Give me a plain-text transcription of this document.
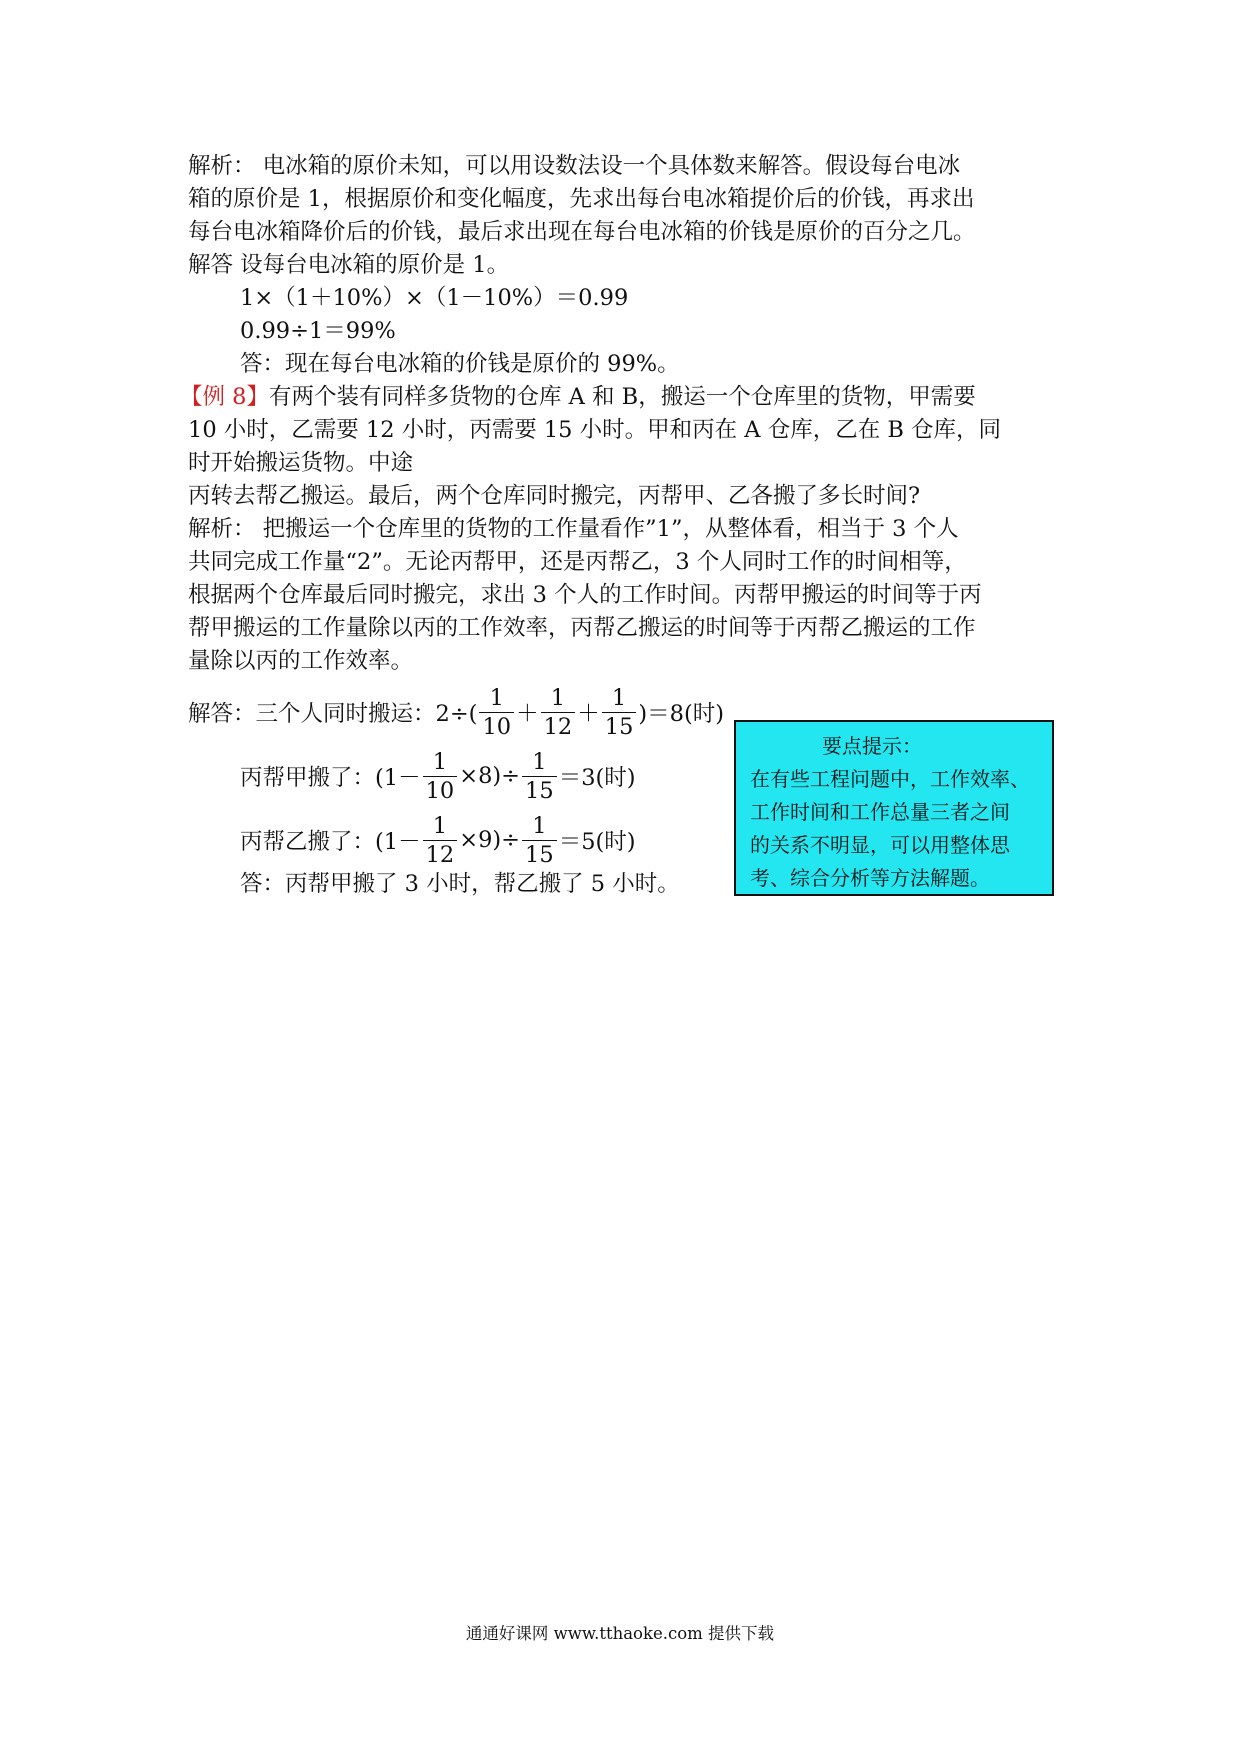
解析： 电冰箱的原价未知，可以用设数法设一个具体数来解答。假设每台电冰
箱的原价是 1，根据原价和变化幅度，先求出每台电冰箱提价后的价钱，再求出
每台电冰箱降价后的价钱，最后求出现在每台电冰箱的价钱是原价的百分之几。
解答 设每台电冰箱的原价是 1。
1×（1＋10%）×（1－10%）＝0.99
0.99÷1＝99%
答：现在每台电冰箱的价钱是原价的 99%。
【例 8】有两个装有同样多货物的仓库 A 和 B，搬运一个仓库里的货物，甲需要
10 小时，乙需要 12 小时，丙需要 15 小时。甲和丙在 A 仓库，乙在 B 仓库，同
时开始搬运货物。中途
丙转去帮乙搬运。最后，两个仓库同时搬完，丙帮甲、乙各搬了多长时间?
解析： 把搬运一个仓库里的货物的工作量看作”1”，从整体看，相当于 3 个人
共同完成工作量“2”。无论丙帮甲，还是丙帮乙，3 个人同时工作的时间相等，
根据两个仓库最后同时搬完，求出 3 个人的工作时间。丙帮甲搬运的时间等于丙
帮甲搬运的工作量除以丙的工作效率，丙帮乙搬运的时间等于丙帮乙搬运的工作
量除以丙的工作效率。
解答：三个人同时搬运：$2\div( \frac{1}{10} + \frac{1}{12} + \frac{1}{15} )=8$(时)
丙帮甲搬了：$(1- \frac{1}{10} \times 8)\div \frac{1}{15} =3$(时)
丙帮乙搬了：$(1- \frac{1}{12} \times 9)\div \frac{1}{15} =5$(时)
答：丙帮甲搬了 3 小时，帮乙搬了 5 小时。
要点提示：
在有些工程问题中，工作效率、
工作时间和工作总量三者之间
的关系不明显，可以用整体思
考、综合分析等方法解题。
通通好课网 www.tthaoke.com 提供下载
